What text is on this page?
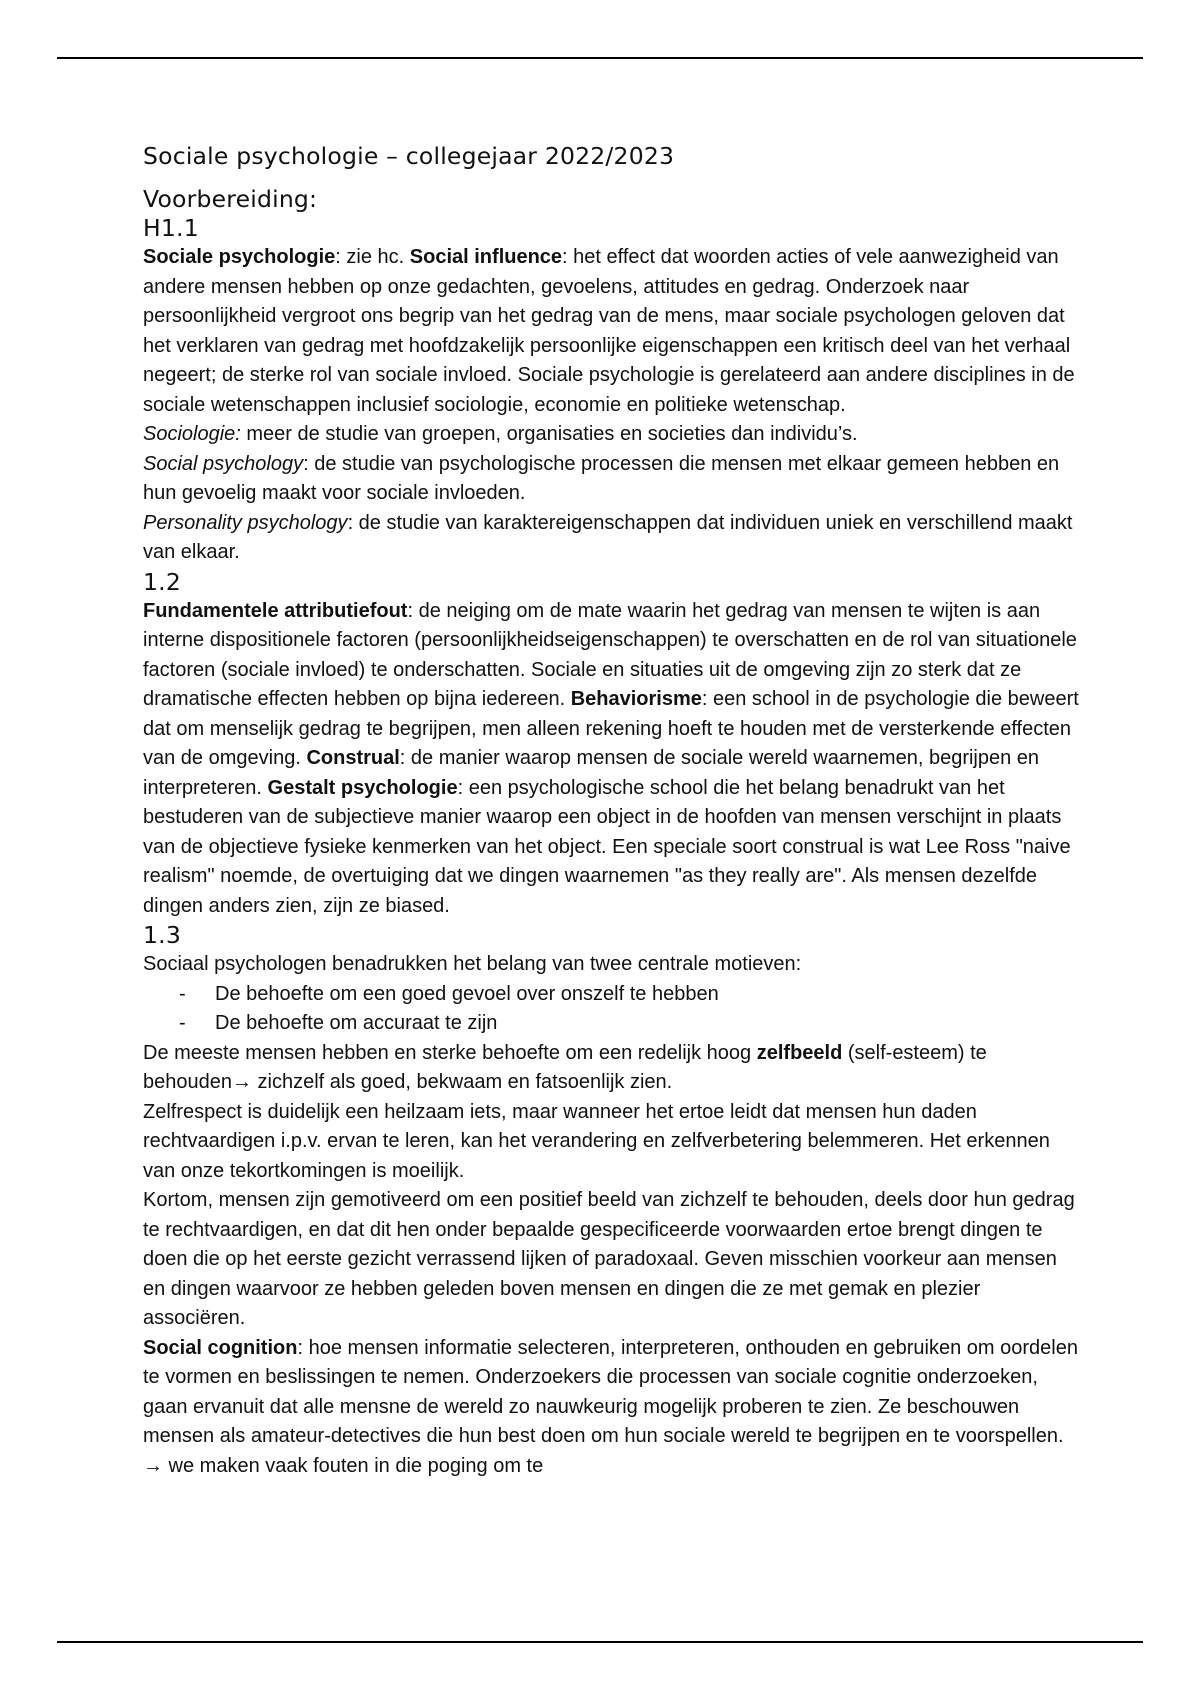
Sociale psychologie – collegejaar 2022/2023
Voorbereiding:
H1.1

Sociale psychologie: zie hc. Social influence: het effect dat woorden acties of vele aanwezigheid van andere mensen hebben op onze gedachten, gevoelens, attitudes en gedrag. Onderzoek naar persoonlijkheid vergroot ons begrip van het gedrag van de mens, maar sociale psychologen geloven dat het verklaren van gedrag met hoofdzakelijk persoonlijke eigenschappen een kritisch deel van het verhaal negeert; de sterke rol van sociale invloed. Sociale psychologie is gerelateerd aan andere disciplines in de sociale wetenschappen inclusief sociologie, economie en politieke wetenschap.

Sociologie: meer de studie van groepen, organisaties en societies dan individu’s.

Social psychology: de studie van psychologische processen die mensen met elkaar gemeen hebben en hun gevoelig maakt voor sociale invloeden.

Personality psychology: de studie van karaktereigenschappen dat individuen uniek en verschillend maakt van elkaar.

1.2

Fundamentele attributiefout: de neiging om de mate waarin het gedrag van mensen te wijten is aan interne dispositionele factoren (persoonlijkheidseigenschappen) te overschatten en de rol van situationele factoren (sociale invloed) te onderschatten. Sociale en situaties uit de omgeving zijn zo sterk dat ze dramatische effecten hebben op bijna iedereen. Behaviorisme: een school in de psychologie die beweert dat om menselijk gedrag te begrijpen, men alleen rekening hoeft te houden met de versterkende effecten van de omgeving. Construal: de manier waarop mensen de sociale wereld waarnemen, begrijpen en interpreteren. Gestalt psychologie: een psychologische school die het belang benadrukt van het bestuderen van de subjectieve manier waarop een object in de hoofden van mensen verschijnt in plaats van de objectieve fysieke kenmerken van het object. Een speciale soort construal is wat Lee Ross "naive realism" noemde, de overtuiging dat we dingen waarnemen "as they really are". Als mensen dezelfde dingen anders zien, zijn ze biased.

1.3

Sociaal psychologen benadrukken het belang van twee centrale motieven:

- De behoefte om een goed gevoel over onszelf te hebben
- De behoefte om accuraat te zijn

De meeste mensen hebben en sterke behoefte om een redelijk hoog zelfbeeld (self-esteem) te behouden→ zichzelf als goed, bekwaam en fatsoenlijk zien.

Zelfrespect is duidelijk een heilzaam iets, maar wanneer het ertoe leidt dat mensen hun daden rechtvaardigen i.p.v. ervan te leren, kan het verandering en zelfverbetering belemmeren. Het erkennen van onze tekortkomingen is moeilijk.

Kortom, mensen zijn gemotiveerd om een positief beeld van zichzelf te behouden, deels door hun gedrag te rechtvaardigen, en dat dit hen onder bepaalde gespecificeerde voorwaarden ertoe brengt dingen te doen die op het eerste gezicht verrassend lijken of paradoxaal. Geven misschien voorkeur aan mensen en dingen waarvoor ze hebben geleden boven mensen en dingen die ze met gemak en plezier associëren.

Social cognition: hoe mensen informatie selecteren, interpreteren, onthouden en gebruiken om oordelen te vormen en beslissingen te nemen. Onderzoekers die processen van sociale cognitie onderzoeken, gaan ervanuit dat alle mensne de wereld zo nauwkeurig mogelijk proberen te zien. Ze beschouwen mensen als amateur-detectives die hun best doen om hun sociale wereld te begrijpen en te voorspellen. → we maken vaak fouten in die poging om te
